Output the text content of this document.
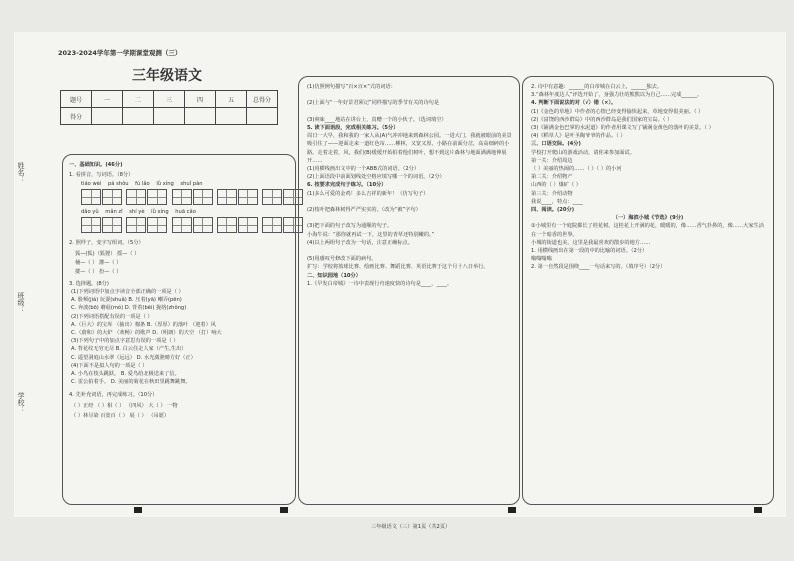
2023-2024学年第一学期课堂观测（三）
三年级语文
题号	一	二	三	四	五	总得分
得分						
姓名：
班级：
学校：
一、基础知识。(46分)
1. 看拼音，写词语。（8分）
tiáo wèi pá shǒu fú lǎo lǜ xíng shuǐ pàn

dǎo yǔ mǎn zǐ shí yè lǜ xíng huā cǎo

2. 照样子，变字写组词。（5分）
狐—(狐)（狐狸） 摇—（ ）
桶—（ ） 灌—（ ）
搂—（ ） 扮—（ ）
3. 选择题。(8分)
(1)下列词语中加点字读音全部正确的一项是（ ）
A. 脸颊(jiá) 玩耍(shuǎ) B. 压着(yā) 嘲弄(pēn)
C. 奔波(bō) 蘑菇(mó) D. 背着(bēi) 拢络(zhǒng)
(2)下列词语搭配有误的一项是（ ）
A.（巨大）的宝库 （抽出）棉条 B.（厚厚）的落叶 （迎着）风
C.（蔚和）的大炉 （欢畅）的歌声 D.（明朗）的天空 （打）响大
(3)下列句子中的加点字意思有误的一项是（ ）
A. 背花纹无穷无尽 B. 白云住走人家（产生,生出）
C. 遥望洞庭山水翠（远远） D. 水光潋滟晴方好（正）
(4)下面不是拟人句的一项是（ ）
A. 小鸟在枝头跳跃。 B. 爱鸟给北极送来了信。
C. 雷公拍着手。 D. 美丽的菊花在秋田里跳舞跳舞。
4. 先补充词语，再完成练习。（10分）
（ ）正经 （ ）相（ ） （四风） 大（ ） 一物
（ ）林尽染 百宽百（ ） 展（ ） （吊愿）
(1)仿照例句描写“百×百×”式的词语：

(2)上面与“一年好景君须记”同样描写的季节有关的诗句是

(3)爽味____地站在讲台上，真赠一个的小伙子。（选词填空）
5. 读下面语段，完成相关练习。（5分）
周日一大早，我和我的一家人从(A)气冲冲地来到森林公园。一进大门，我就被眼前的美景吸引住了——迎面走来一道红色帘……柳林，又宽又厚，小路在前面分岔，高高细碎的小路。走着走着，风，我们(B)缓缓开始拍着他们树叶，想不到这片森林与地面满满地伸展开……
(1)用横线画出文中的一个ABB式的词语。（2分）
(2)上面语段中前面划线处空格应填写哪一个的词语。（2分）
6. 按要求完成句子练习。（10分）
(1)多么可爱的金鸡！多么吉祥的新年！（仿写句子）

(2)枝叶把森林树得严严实实的。（改为“被”字句）

(3)把下面的句子改写为通顺的句子。
小海牛说：“那你就再试一下，这里的青草还特别嫩的。”
(4)以上两组句子改为一句话，注意正确标点。

(5)用感叹号修改下面的病句。
扩写：学校将篮球比赛、绘画比赛、舞蹈比赛、英语比赛于这个月十八日举行。
二、知识园地（10分）
1.《早发白帝城》一诗中表现行舟速度快的诗句是____，____。
三年级语文（三）第1页（共2页）
2. 诗中有意趣：______的白帝城在白云上，______独去。
3.“森林年度达人”评选开始了，身强力壮的熊熊以为自己……完成______。
4. 判断下面说法的对（√）错（×）。
(1)《金色的草地》中作者的心情已经变得愉快起来，草地变得很美丽。（ ）
(2)《富饶的西沙群岛》中的西沙群岛是我们国家的宝岛。（ ）
(3)《铺满金色巴掌的水泥道》的作者用课文写了铺满金黄色的落叶的美景。（ ）
(4)《稻草人》是叶圣陶爷爷的作品。（ ）
三、口语交际。(4分)
学校打开爬山的游戏活动，请你来参加面试。
第一关：介绍周边
（ ）美丽的热闹的……（ ）（ ）的小河
第二关：介绍物产
山西的（ ）煤矿（ ）
第三关：介绍动物
我说____，特点：____
四、阅读。(20分)
（一）海滨小城《节选》(9分)
①小城里有一个庭院都长了桂花树。这桂花上开满的花，暖暖的，像……香气扑鼻的，像……大家生活在一个暗香的世界。
小城的街道也美。这里是我最喜欢的散步的地方……
1. 用横线画出在第一段的中的比喻的词语。（2分）
嗡嗡嗡嗡
2. 第一自然段是围绕____一句话来写的。（填序号）（2分）
